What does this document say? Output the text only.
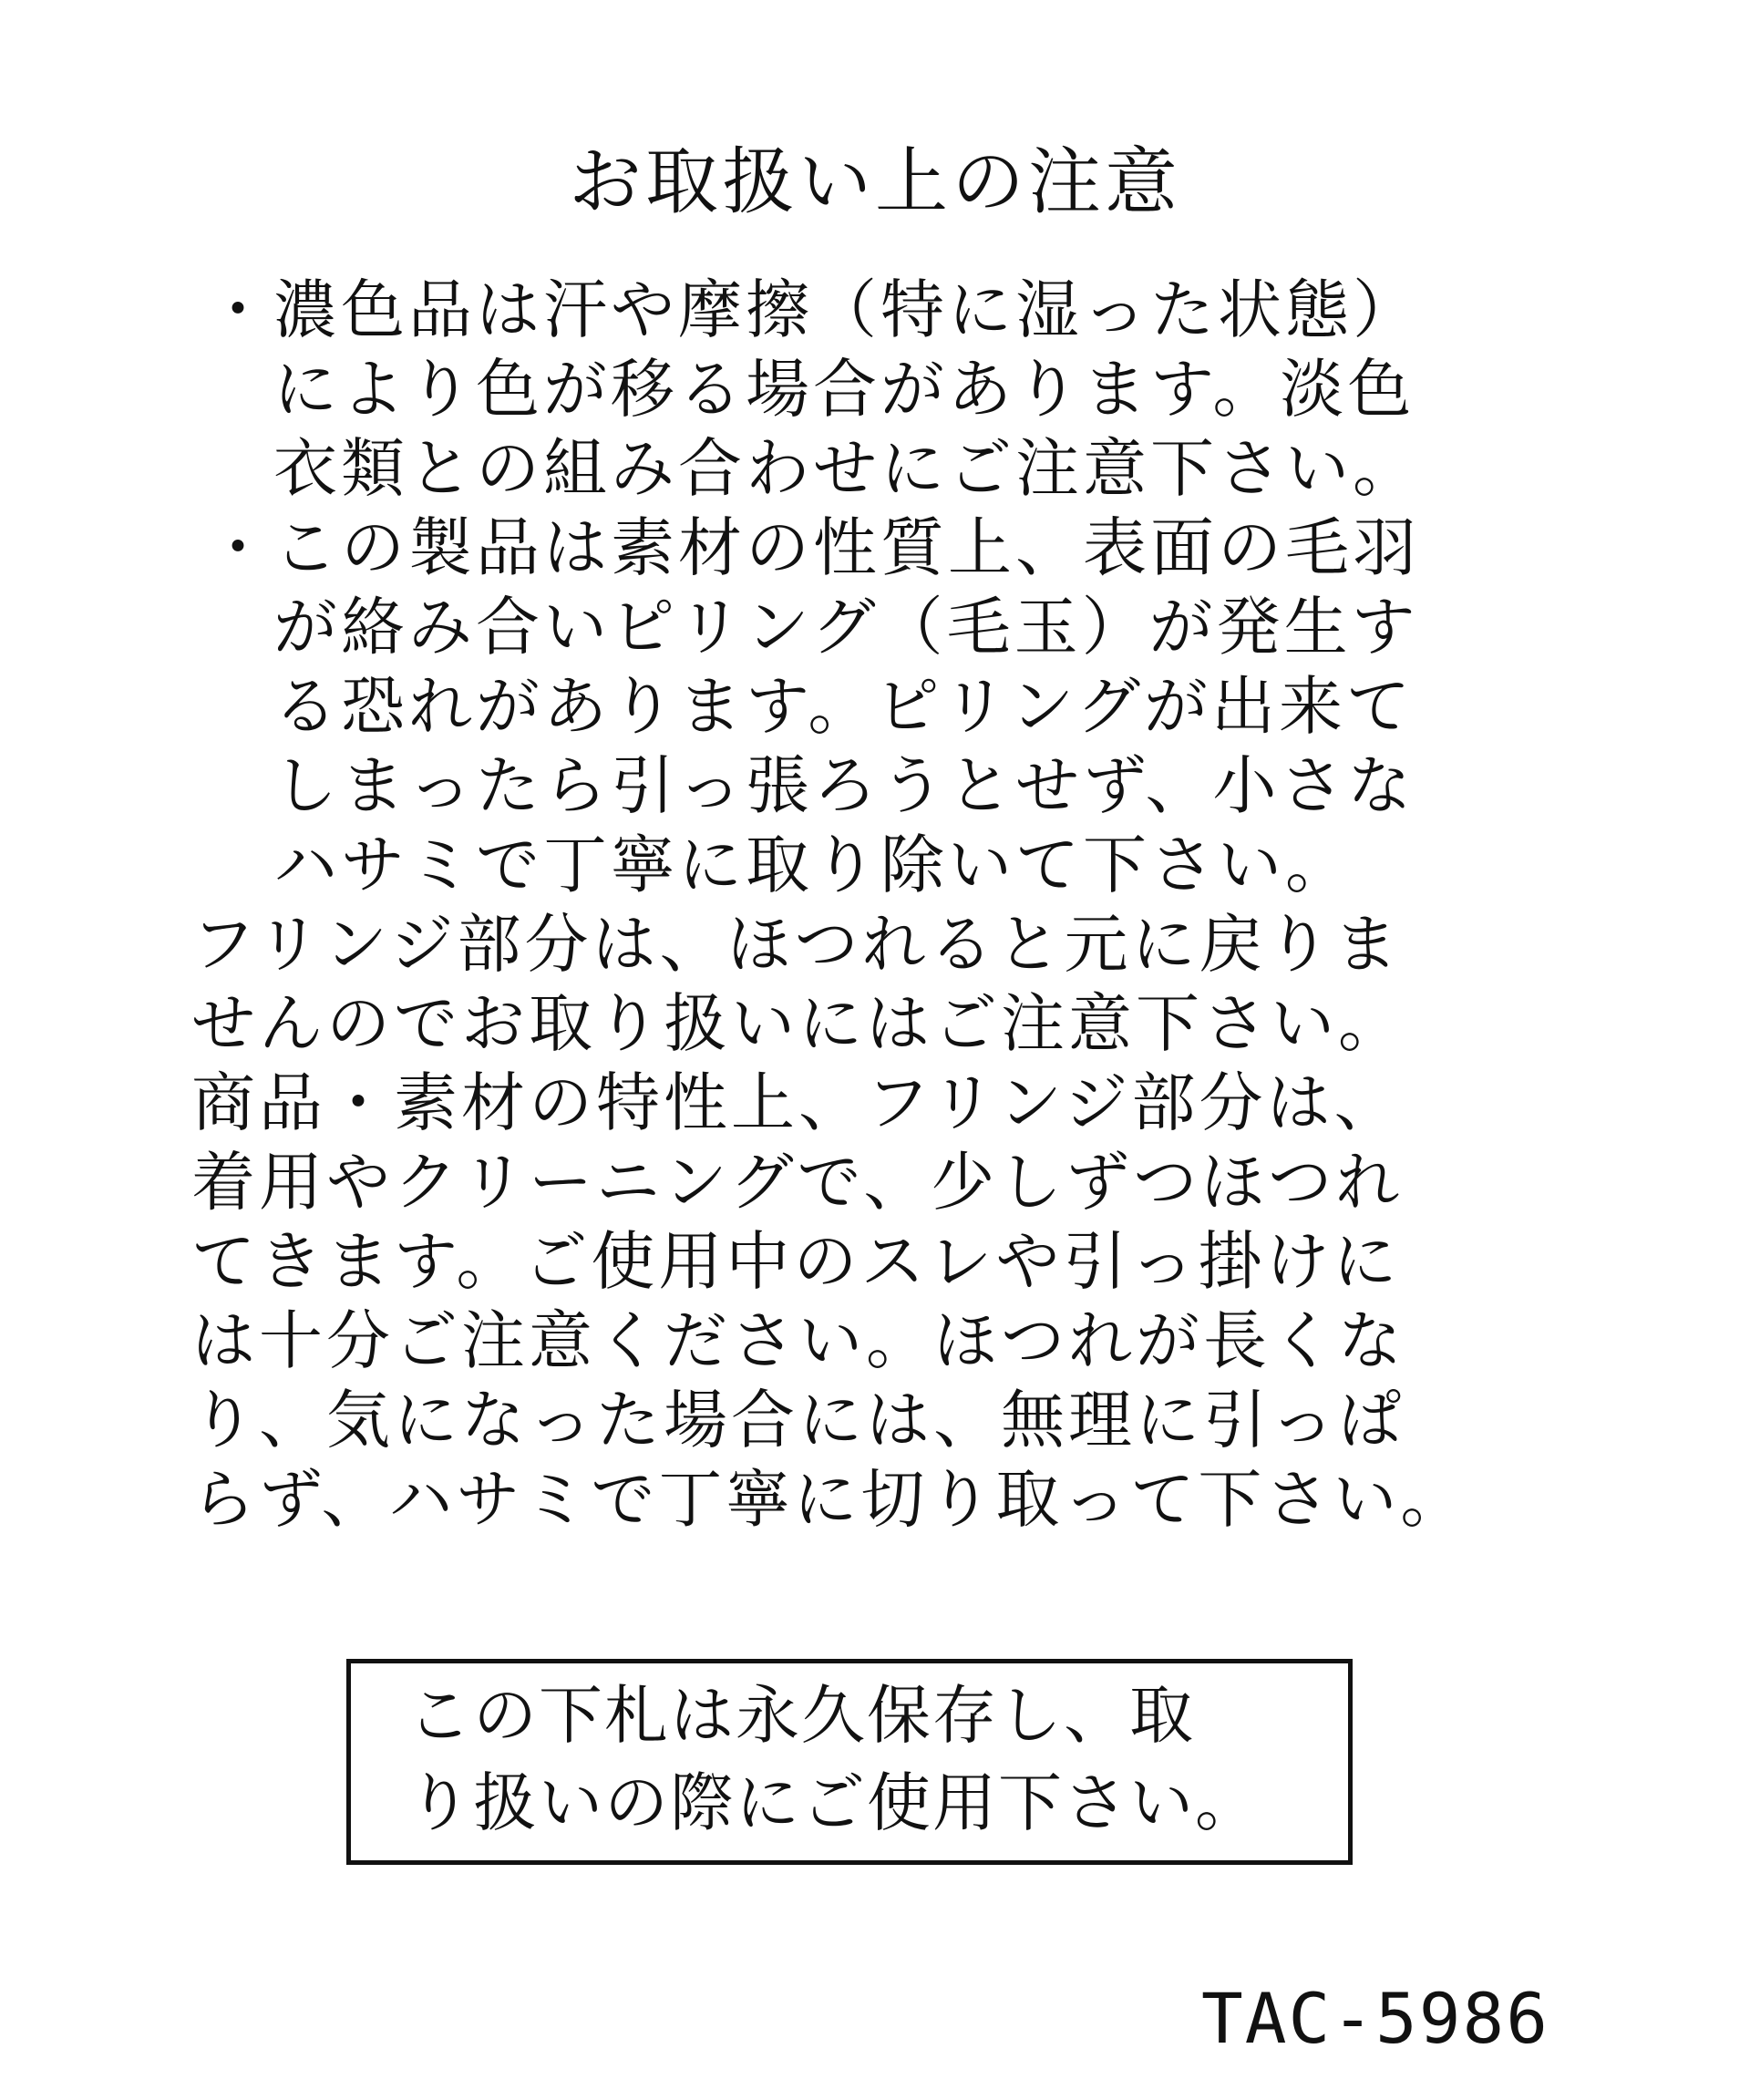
お取扱い上の注意
・ 濃色品は汗や摩擦（特に湿った状態）
により色が移る場合があります。淡色
衣類との組み合わせにご注意下さい。
・ この製品は素材の性質上、表面の毛羽
が絡み合いピリング（毛玉）が発生す
る恐れがあります。ピリングが出来て
しまったら引っ張ろうとせず、小さな
ハサミで丁寧に取り除いて下さい。
フリンジ部分は、ほつれると元に戻りま
せんのでお取り扱いにはご注意下さい。
商品・素材の特性上、フリンジ部分は、
着用やクリーニングで、少しずつほつれ
てきます。ご使用中のスレや引っ掛けに
は十分ご注意ください。ほつれが長くな
り、気になった場合には、無理に引っぱ
らず、ハサミで丁寧に切り取って下さい。
この下札は永久保存し、取
り扱いの際にご使用下さい。
TAC-5986
